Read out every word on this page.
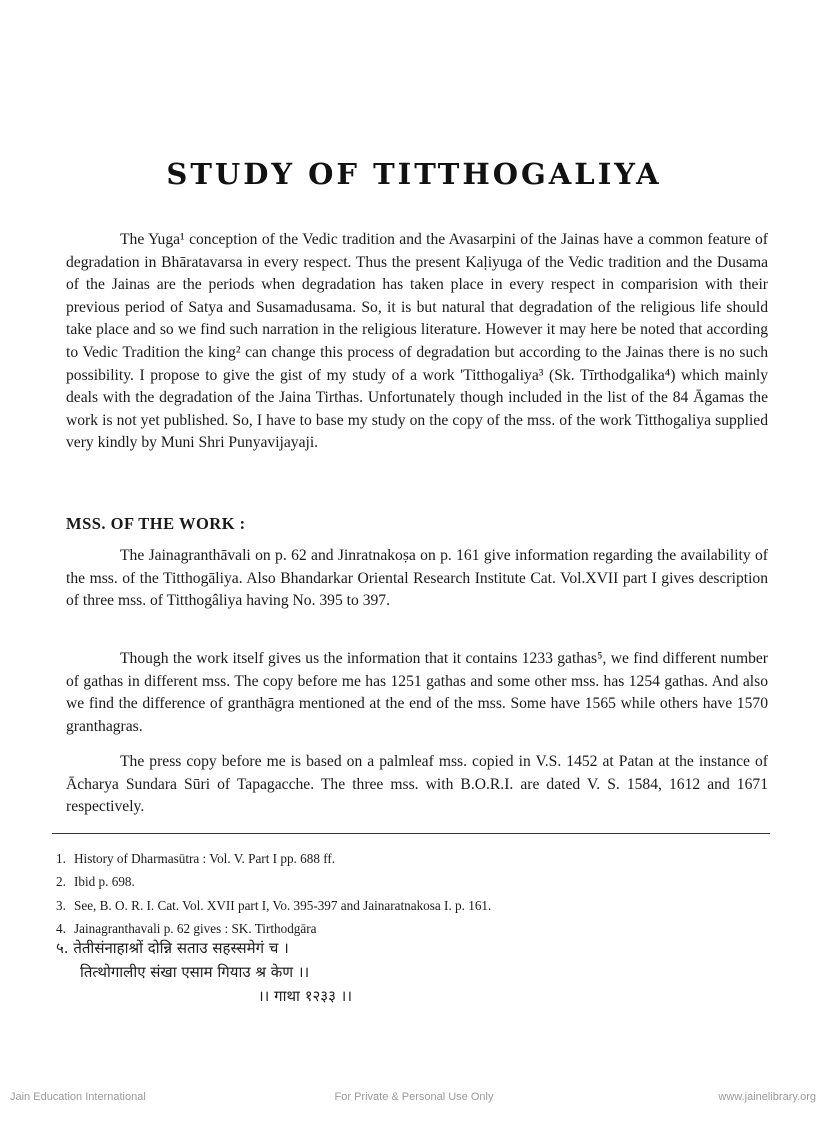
STUDY OF TITTHOGALIYA

The Yuga¹ conception of the Vedic tradition and the Avasarpini of the Jainas have a common feature of degradation in Bhāratavarsa in every respect. Thus the present Kaḷiyuga of the Vedic tradition and the Dusama of the Jainas are the periods when degradation has taken place in every respect in comparision with their previous period of Satya and Susamadusama. So, it is but natural that degradation of the religious life should take place and so we find such narration in the religious literature. However it may here be noted that according to Vedic Tradition the king² can change this process of degradation but according to the Jainas there is no such possibility. I propose to give the gist of my study of a work 'Titthogaliya³ (Sk. Tīrthodgalika⁴) which mainly deals with the degradation of the Jaina Tirthas. Unfortunately though included in the list of the 84 Āgamas the work is not yet published. So, I have to base my study on the copy of the mss. of the work Titthogaliya supplied very kindly by Muni Shri Punyavijayaji.

MSS. OF THE WORK :

The Jainagranthāvali on p. 62 and Jinratnakoṣa on p. 161 give information regarding the availability of the mss. of the Titthogāliya. Also Bhandarkar Oriental Research Institute Cat. Vol.XVII part I gives description of three mss. of Titthogâliya having No. 395 to 397.

Though the work itself gives us the information that it contains 1233 gathas⁵, we find different number of gathas in different mss. The copy before me has 1251 gathas and some other mss. has 1254 gathas. And also we find the difference of granthāgra mentioned at the end of the mss. Some have 1565 while others have 1570 granthagras.

The press copy before me is based on a palmleaf mss. copied in V.S. 1452 at Patan at the instance of Ācharya Sundara Sūri of Tapagacche. The three mss. with B.O.R.I. are dated V. S. 1584, 1612 and 1671 respectively.

1. History of Dharmasūtra : Vol. V. Part I pp. 688 ff.
2. Ibid p. 698.
3. See, B. O. R. I. Cat. Vol. XVII part I, Vo. 395-397 and Jainaratnakosa I. p. 161.
4. Jainagranthavali p. 62 gives : SK. Tirthodgāra
५. तेतीसंनाहाश्रों दोन्नि सताउ सहस्समेगं च ।
तित्थोगालीए संखा एसाम गियाउ श्र केण ।।
।। गाथा १२३३ ।।
Jain Education International	For Private & Personal Use Only	www.jainelibrary.org
